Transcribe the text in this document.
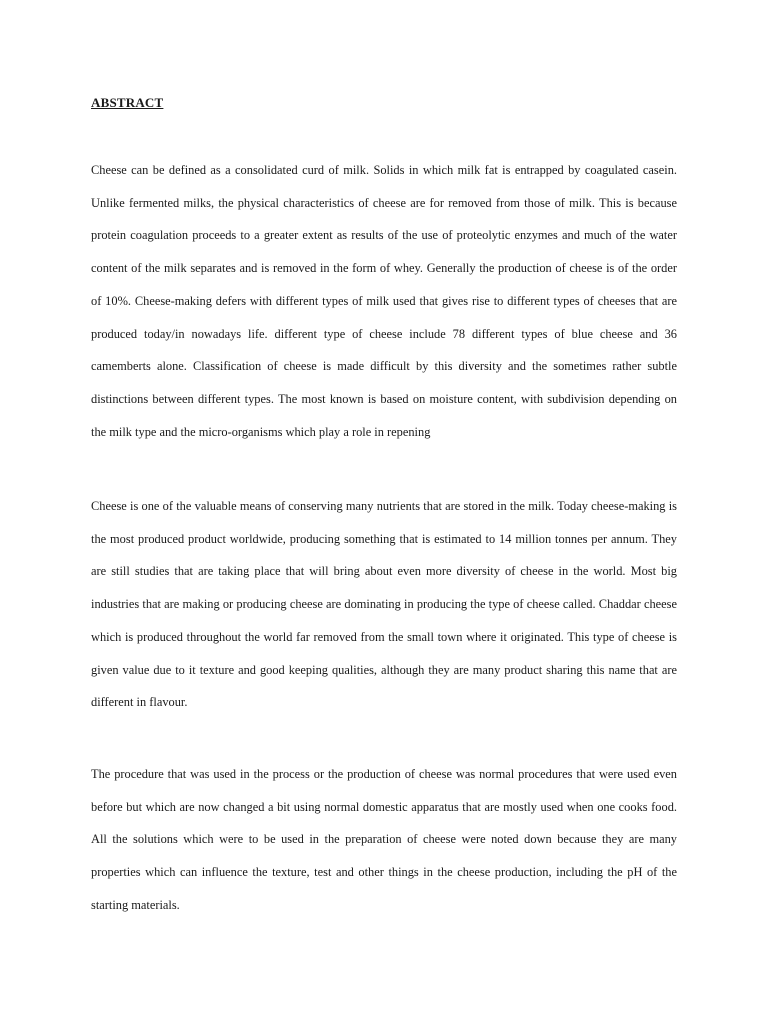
ABSTRACT

Cheese can be defined as a consolidated curd of milk. Solids in which milk fat is entrapped by coagulated casein. Unlike fermented milks, the physical characteristics of cheese are for removed from those of milk. This is because protein coagulation proceeds to a greater extent as results of the use of proteolytic enzymes and much of the water content of the milk separates and is removed in the form of whey. Generally the production of cheese is of the order of 10%. Cheese-making defers with different types of milk used that gives rise to different types of cheeses that are produced today/in nowadays life. different type of cheese include 78 different types of blue cheese and 36 camemberts alone. Classification of cheese is made difficult by this diversity and the sometimes rather subtle distinctions between different types. The most known is based on moisture content, with subdivision depending on the milk type and the micro-organisms which play a role in repening

Cheese is one of the valuable means of conserving many nutrients that are stored in the milk. Today cheese-making is the most produced product worldwide, producing something that is estimated to 14 million tonnes per annum. They are still studies that are taking place that will bring about even more diversity of cheese in the world. Most big industries that are making or producing cheese are dominating in producing the type of cheese called. Chaddar cheese which is produced throughout the world far removed from the small town where it originated. This type of cheese is given value due to it texture and good keeping qualities, although they are many product sharing this name that are different in flavour.

The procedure that was used in the process or the production of cheese was normal procedures that were used even before but which are now changed a bit using normal domestic apparatus that are mostly used when one cooks food. All the solutions which were to be used in the preparation of cheese were noted down because they are many properties which can influence the texture, test and other things in the cheese production, including the pH of the starting materials.
